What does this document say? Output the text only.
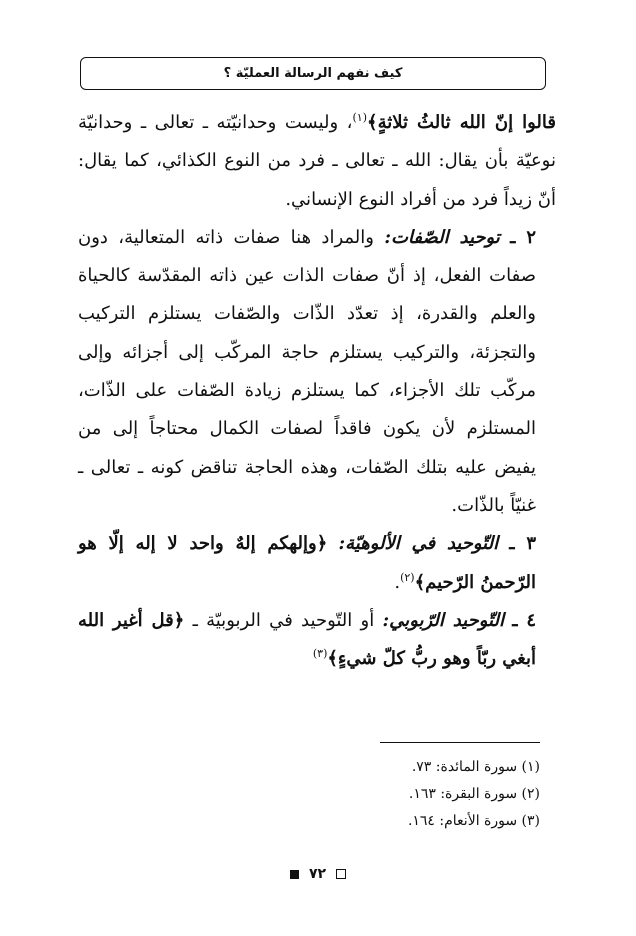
كيف نفهم الرسالة العمليّة ؟

قالوا إنّ الله ثالثُ ثلاثةٍ﴾$^{(١)}$، وليست وحدانيّته ـ تعالى ـ وحدانيّة نوعيّة بأن يقال: الله ـ تعالى ـ فرد من النوع الكذائي، كما يقال: أنّ زيداً فرد من أفراد النوع الإنساني.

٢ ـ توحيد الصّفات: والمراد هنا صفات ذاته المتعالية، دون صفات الفعل، إذ أنّ صفات الذات عين ذاته المقدّسة كالحياة والعلم والقدرة، إذ تعدّد الذّات والصّفات يستلزم التركيب والتجزئة، والتركيب يستلزم حاجة المركّب إلى أجزائه وإلى مركّب تلك الأجزاء، كما يستلزم زيادة الصّفات على الذّات، المستلزم لأن يكون فاقداً لصفات الكمال محتاجاً إلى من يفيض عليه بتلك الصّفات، وهذه الحاجة تناقض كونه ـ تعالى ـ غنيّاً بالذّات.

٣ ـ التّوحيد في الألوهيّة: ﴿وإلهكم إلهٌ واحد لا إله إلّا هو الرّحمنُ الرّحيم﴾$^{(٢)}$.

٤ ـ التّوحيد الرّبوبي: أو التّوحيد في الربوبيّة ـ ﴿قل أغير الله أبغي ربّاً وهو ربُّ كلّ شيءٍ﴾$^{(٣)}$

(١) سورة المائدة: ٧٣.
(٢) سورة البقرة: ١٦٣.
(٣) سورة الأنعام: ١٦٤.
٧٢
